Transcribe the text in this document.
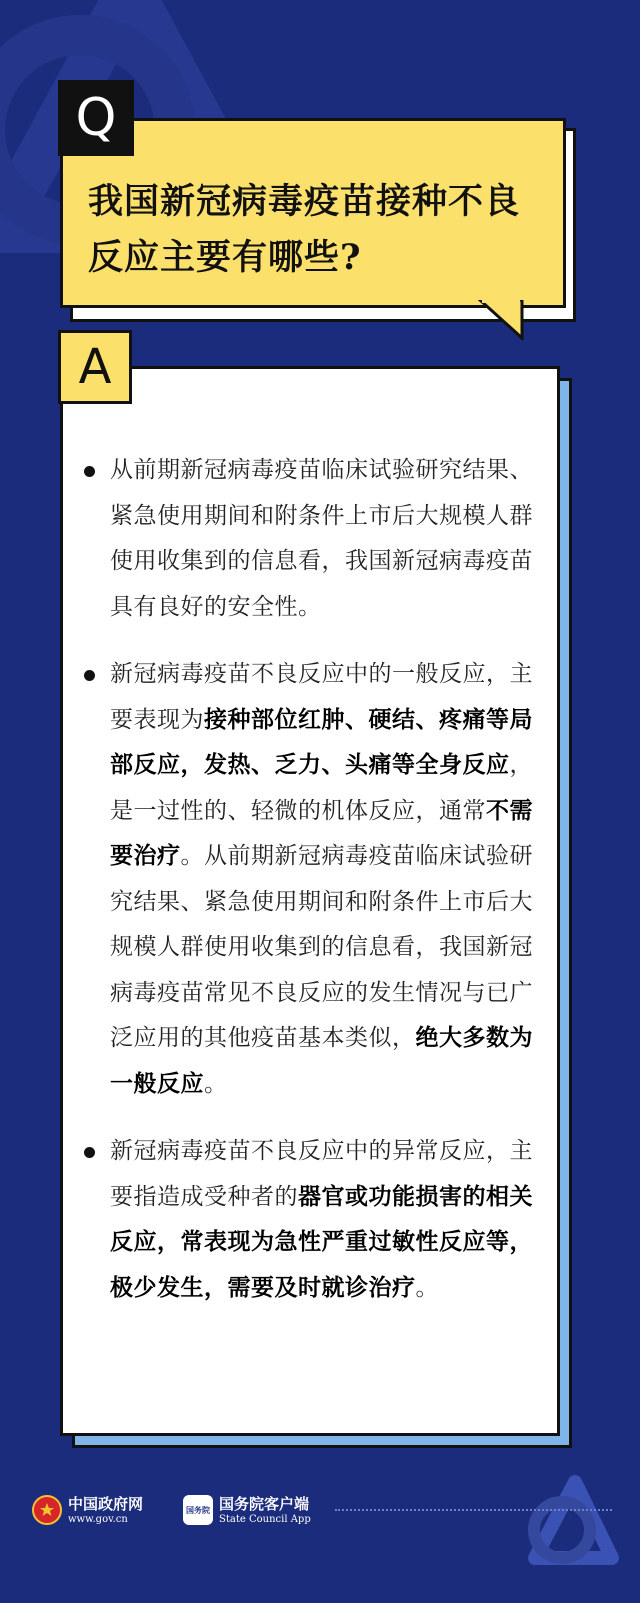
Q
我国新冠病毒疫苗接种不良
反应主要有哪些?
A
从前期新冠病毒疫苗临床试验研究结果、紧急使用期间和附条件上市后大规模人群使用收集到的信息看，我国新冠病毒疫苗具有良好的安全性。
新冠病毒疫苗不良反应中的一般反应，主要表现为接种部位红肿、硬结、疼痛等局部反应，发热、乏力、头痛等全身反应，是一过性的、轻微的机体反应，通常不需要治疗。从前期新冠病毒疫苗临床试验研究结果、紧急使用期间和附条件上市后大规模人群使用收集到的信息看，我国新冠病毒疫苗常见不良反应的发生情况与已广泛应用的其他疫苗基本类似，绝大多数为一般反应。
新冠病毒疫苗不良反应中的异常反应，主要指造成受种者的器官或功能损害的相关反应，常表现为急性严重过敏性反应等，极少发生，需要及时就诊治疗。
中国政府网
www.gov.cn
国务院 国务院客户端
State Council App
